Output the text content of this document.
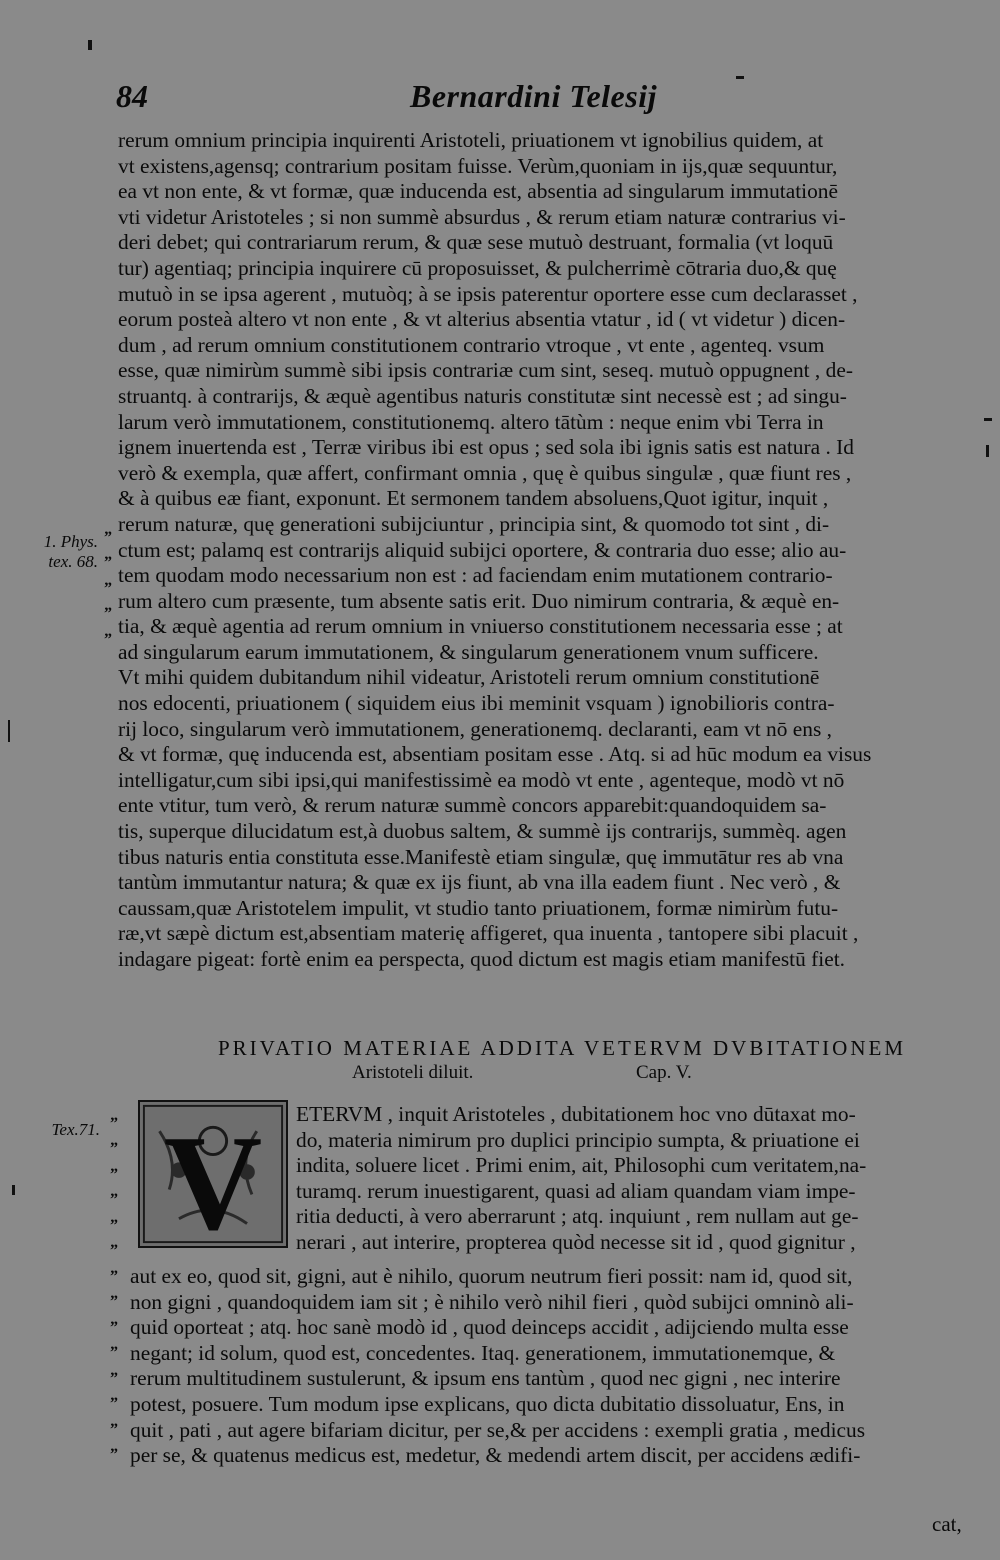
84	Bernardini Telesij
1. Phys.
tex. 68.
Tex.71.
”
”
”
”
”
rerum omnium principia inquirenti Aristoteli, priuationem vt ignobilius quidem, at
vt existens,agensq; contrarium positam fuisse. Verùm,quoniam in ijs,quæ sequuntur,
ea vt non ente, & vt formæ, quæ inducenda est, absentia ad singularum immutationē
vti videtur Aristoteles ; si non summè absurdus , & rerum etiam naturæ contrarius vi-
deri debet; qui contrariarum rerum, & quæ sese mutuò destruant, formalia (vt loquū
tur) agentiaq; principia inquirere cū proposuisset, & pulcherrimè cōtraria duo,& quę
mutuò in se ipsa agerent , mutuòq; à se ipsis paterentur oportere esse cum declarasset ,
eorum posteà altero vt non ente , & vt alterius absentia vtatur , id ( vt videtur ) dicen-
dum , ad rerum omnium constitutionem contrario vtroque , vt ente , agenteq. vsum
esse, quæ nimirùm summè sibi ipsis contrariæ cum sint, seseq. mutuò oppugnent , de-
struantq. à contrarijs, & æquè agentibus naturis constitutæ sint necessè est ; ad singu-
larum verò immutationem, constitutionemq. altero tātùm : neque enim vbi Terra in
ignem inuertenda est , Terræ viribus ibi est opus ; sed sola ibi ignis satis est natura . Id
verò & exempla, quæ affert, confirmant omnia , quę è quibus singulæ , quæ fiunt res ,
& à quibus eæ fiant, exponunt. Et sermonem tandem absoluens,Quot igitur, inquit ,
rerum naturæ, quę generationi subijciuntur , principia sint, & quomodo tot sint , di-
ctum est; palamq est contrarijs aliquid subijci oportere, & contraria duo esse; alio au-
tem quodam modo necessarium non est : ad faciendam enim mutationem contrario-
rum altero cum præsente, tum absente satis erit. Duo nimirum contraria, & æquè en-
tia, & æquè agentia ad rerum omnium in vniuerso constitutionem necessaria esse ; at
ad singularum earum immutationem, & singularum generationem vnum sufficere.
Vt mihi quidem dubitandum nihil videatur, Aristoteli rerum omnium constitutionē
nos edocenti, priuationem ( siquidem eius ibi meminit vsquam ) ignobilioris contra-
rij loco, singularum verò immutationem, generationemq. declaranti, eam vt nō ens ,
& vt formæ, quę inducenda est, absentiam positam esse . Atq. si ad hūc modum ea visus
intelligatur,cum sibi ipsi,qui manifestissimè ea modò vt ente , agenteque, modò vt nō
ente vtitur, tum verò, & rerum naturæ summè concors apparebit:quandoquidem sa-
tis, superque dilucidatum est,à duobus saltem, & summè ijs contrarijs, summèq. agen
tibus naturis entia constituta esse.Manifestè etiam singulæ, quę immutātur res ab vna
tantùm immutantur natura; & quæ ex ijs fiunt, ab vna illa eadem fiunt . Nec verò , &
caussam,quæ Aristotelem impulit, vt studio tanto priuationem, formæ nimirùm futu-
ræ,vt sæpè dictum est,absentiam materię affigeret, qua inuenta , tantopere sibi placuit ,
indagare pigeat: fortè enim ea perspecta, quod dictum est magis etiam manifestū fiet.
PRIVATIO MATERIAE ADDITA VETERVM DVBITATIONEM
Aristoteli diluit.	Cap. V.
V
”
”
”
”
”
”
”
”
”
”
”
”
”
”
ETERVM , inquit Aristoteles , dubitationem hoc vno dūtaxat mo-
do, materia nimirum pro duplici principio sumpta, & priuatione ei
indita, soluere licet . Primi enim, ait, Philosophi cum veritatem,na-
turamq. rerum inuestigarent, quasi ad aliam quandam viam impe-
ritia deducti, à vero aberrarunt ; atq. inquiunt , rem nullam aut ge-
nerari , aut interire, propterea quòd necesse sit id , quod gignitur ,
aut ex eo, quod sit, gigni, aut è nihilo, quorum neutrum fieri possit: nam id, quod sit,
non gigni , quandoquidem iam sit ; è nihilo verò nihil fieri , quòd subijci omninò ali-
quid oporteat ; atq. hoc sanè modò id , quod deinceps accidit , adijciendo multa esse
negant; id solum, quod est, concedentes. Itaq. generationem, immutationemque, &
rerum multitudinem sustulerunt, & ipsum ens tantùm , quod nec gigni , nec interire
potest, posuere. Tum modum ipse explicans, quo dicta dubitatio dissoluatur, Ens, in
quit , pati , aut agere bifariam dicitur, per se,& per accidens : exempli gratia , medicus
per se, & quatenus medicus est, medetur, & medendi artem discit, per accidens ædifi-
cat,
